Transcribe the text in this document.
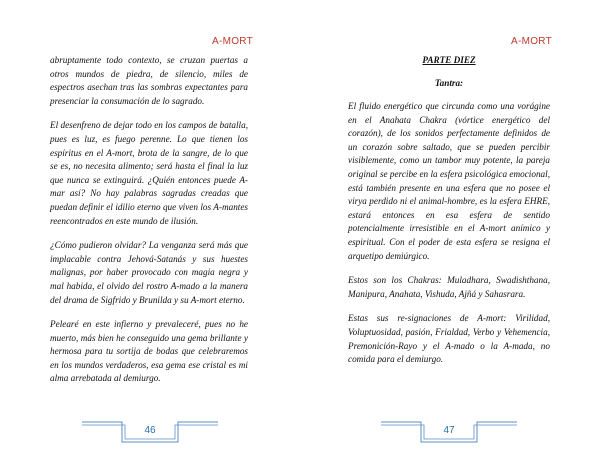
A-MORT

abruptamente todo contexto, se cruzan puertas a otros mundos de piedra, de silencio, miles de espectros asechan tras las sombras expectantes para presenciar la consumación de lo sagrado.

El desenfreno de dejar todo en los campos de batalla, pues es luz, es fuego perenne. Lo que tienen los espíritus en el A-mort, brota de la sangre, de lo que se es, no necesita alimento; será hasta el final la luz que nunca se extinguirá. ¿Quién entonces puede A-mar así? No hay palabras sagradas creadas que puedan definir el idilio eterno que viven los A-mantes reencontrados en este mundo de ilusión.

¿Cómo pudieron olvidar? La venganza será más que implacable contra Jehová-Satanás y sus huestes malignas, por haber provocado con magia negra y mal habida, el olvido del rostro A-mado a la manera del drama de Sigfrido y Brunilda y su A-mort eterno.

Pelearé en este infierno y prevaleceré, pues no he muerto, más bien he conseguido una gema brillante y hermosa para tu sortija de bodas que celebraremos en los mundos verdaderos, esa gema ese cristal es mi alma arrebatada al demiurgo.

46
A-MORT

PARTE DIEZ

Tantra:

El fluido energético que circunda como una vorágine en el Anahata Chakra (vórtice energético del corazón), de los sonidos perfectamente definidos de un corazón sobre saltado, que se pueden percibir visiblemente, como un tambor muy potente, la pareja original se percibe en la esfera psicológica emocional, está también presente en una esfera que no posee el virya perdido ni el animal-hombre, es la esfera EHRE, estará entonces en esa esfera de sentido potencialmente irresistible en el A-mort anímico y espiritual. Con el poder de esta esfera se resigna el arquetipo demiúrgico.

Estos son los Chakras: Muladhara, Swadishthana, Manipura, Anahata, Vishuda, Ajñá y Sahasrara.

Estas sus re-signaciones de A-mort: Virilidad, Voluptuosidad, pasión, Frialdad, Verbo y Vehemencia, Premonición-Rayo y el A-mado o la A-mada, no comida para el demiurgo.

47
